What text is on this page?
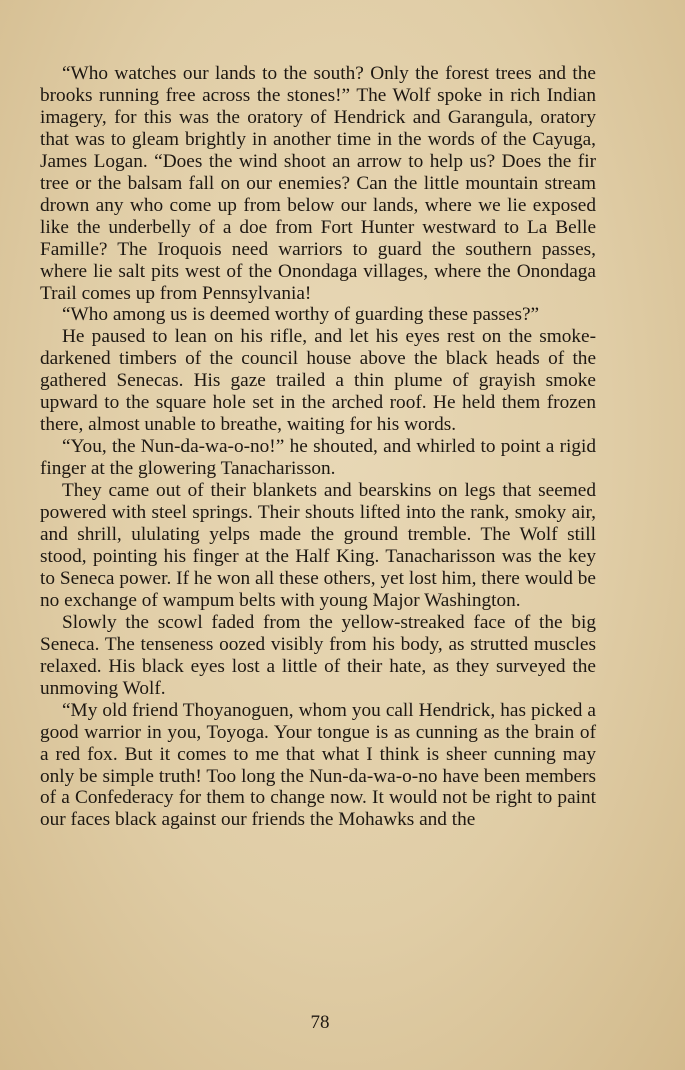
“Who watches our lands to the south? Only the forest trees and the brooks running free across the stones!” The Wolf spoke in rich Indian imagery, for this was the oratory of Hendrick and Garangula, oratory that was to gleam brightly in another time in the words of the Cayuga, James Logan. “Does the wind shoot an arrow to help us? Does the fir tree or the balsam fall on our enemies? Can the little mountain stream drown any who come up from below our lands, where we lie exposed like the underbelly of a doe from Fort Hunter westward to La Belle Famille? The Iroquois need warriors to guard the southern passes, where lie salt pits west of the Onondaga villages, where the Onondaga Trail comes up from Pennsylvania!

“Who among us is deemed worthy of guarding these passes?”

He paused to lean on his rifle, and let his eyes rest on the smoke-darkened timbers of the council house above the black heads of the gathered Senecas. His gaze trailed a thin plume of grayish smoke upward to the square hole set in the arched roof. He held them frozen there, almost unable to breathe, waiting for his words.

“You, the Nun-da-wa-o-no!” he shouted, and whirled to point a rigid finger at the glowering Tanacharisson.

They came out of their blankets and bearskins on legs that seemed powered with steel springs. Their shouts lifted into the rank, smoky air, and shrill, ululating yelps made the ground tremble. The Wolf still stood, pointing his finger at the Half King. Tanacharisson was the key to Seneca power. If he won all these others, yet lost him, there would be no exchange of wampum belts with young Major Washington.

Slowly the scowl faded from the yellow-streaked face of the big Seneca. The tenseness oozed visibly from his body, as strutted muscles relaxed. His black eyes lost a little of their hate, as they surveyed the unmoving Wolf.

“My old friend Thoyanoguen, whom you call Hendrick, has picked a good warrior in you, Toyoga. Your tongue is as cunning as the brain of a red fox. But it comes to me that what I think is sheer cunning may only be simple truth! Too long the Nun-da-wa-o-no have been members of a Confederacy for them to change now. It would not be right to paint our faces black against our friends the Mohawks and the

78
